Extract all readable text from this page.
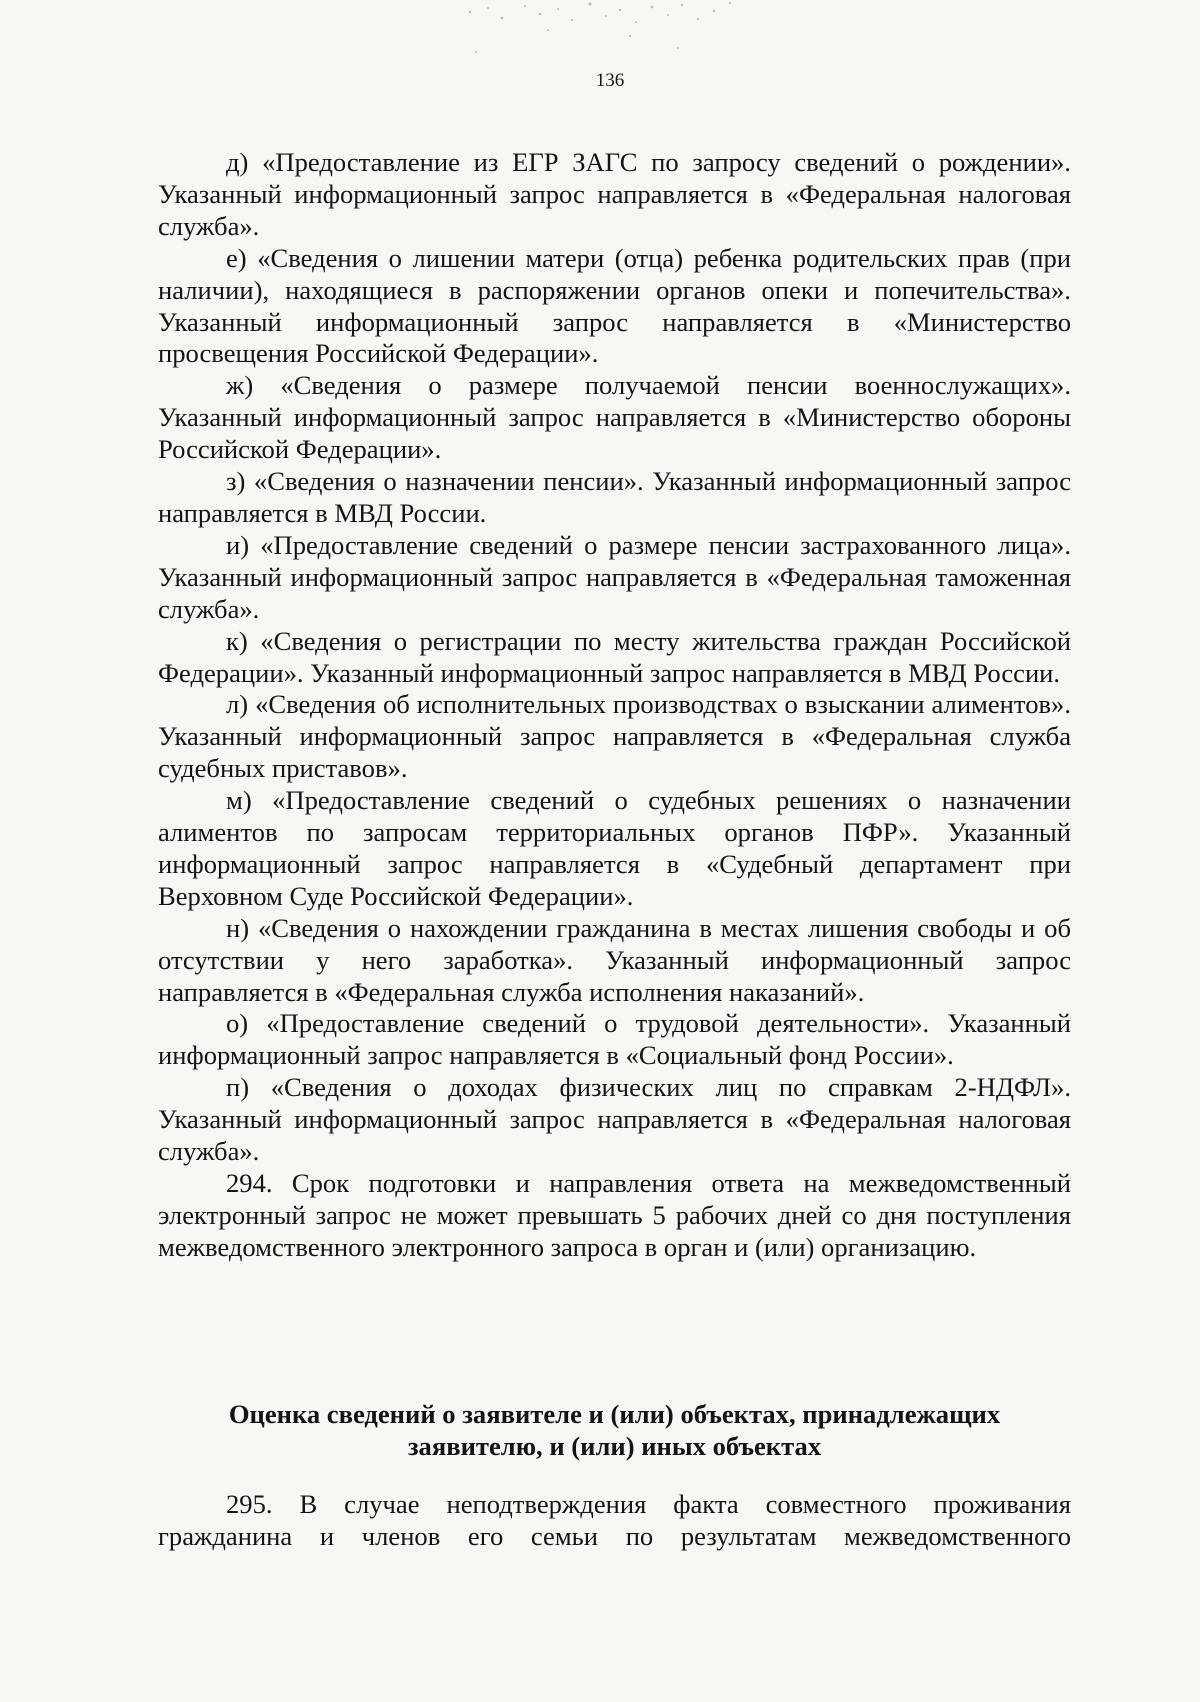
136

д) «Предоставление из ЕГР ЗАГС по запросу сведений о рождении». Указанный информационный запрос направляется в «Федеральная налоговая служба».

е) «Сведения о лишении матери (отца) ребенка родительских прав (при наличии), находящиеся в распоряжении органов опеки и попечительства». Указанный информационный запрос направляется в «Министерство просвещения Российской Федерации».

ж) «Сведения о размере получаемой пенсии военнослужащих». Указанный информационный запрос направляется в «Министерство обороны Российской Федерации».

з) «Сведения о назначении пенсии». Указанный информационный запрос направляется в МВД России.

и) «Предоставление сведений о размере пенсии застрахованного лица». Указанный информационный запрос направляется в «Федеральная таможенная служба».

к) «Сведения о регистрации по месту жительства граждан Российской Федерации». Указанный информационный запрос направляется в МВД России.

л) «Сведения об исполнительных производствах о взыскании алиментов». Указанный информационный запрос направляется в «Федеральная служба судебных приставов».

м) «Предоставление сведений о судебных решениях о назначении алиментов по запросам территориальных органов ПФР». Указанный информационный запрос направляется в «Судебный департамент при Верховном Суде Российской Федерации».

н) «Сведения о нахождении гражданина в местах лишения свободы и об отсутствии у него заработка». Указанный информационный запрос направляется в «Федеральная служба исполнения наказаний».

о) «Предоставление сведений о трудовой деятельности». Указанный информационный запрос направляется в «Социальный фонд России».

п) «Сведения о доходах физических лиц по справкам 2-НДФЛ». Указанный информационный запрос направляется в «Федеральная налоговая служба».

294. Срок подготовки и направления ответа на межведомственный электронный запрос не может превышать 5 рабочих дней со дня поступления межведомственного электронного запроса в орган и (или) организацию.

Оценка сведений о заявителе и (или) объектах, принадлежащих
заявителю, и (или) иных объектах

295. В случае неподтверждения факта совместного проживания гражданина и членов его семьи по результатам межведомственного
